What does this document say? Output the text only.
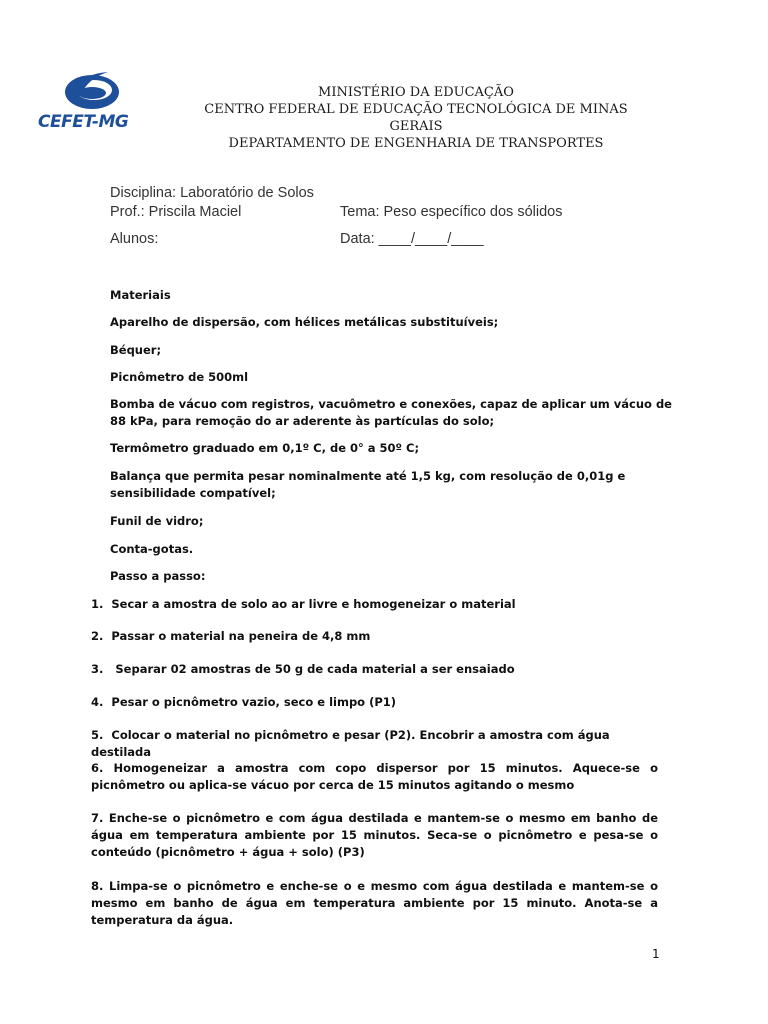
CEFET-MG
MINISTÉRIO DA EDUCAÇÃO
CENTRO FEDERAL DE EDUCAÇÃO TECNOLÓGICA DE MINAS
GERAIS
DEPARTAMENTO DE ENGENHARIA DE TRANSPORTES
Disciplina: Laboratório de Solos
Prof.: Priscila Maciel	Tema: Peso específico dos sólidos
Alunos:	Data: ____/____/____
Materiais
Aparelho de dispersão, com hélices metálicas substituíveis;
Béquer;
Picnômetro de 500ml
Bomba de vácuo com registros, vacuômetro e conexões, capaz de aplicar um vácuo de 88 kPa, para remoção do ar aderente às partículas do solo;
Termômetro graduado em 0,1º C, de 0° a 50º C;
Balança que permita pesar nominalmente até 1,5 kg, com resolução de 0,01g e sensibilidade compatível;
Funil de vidro;
Conta-gotas.
Passo a passo:
1. Secar a amostra de solo ao ar livre e homogeneizar o material
2. Passar o material na peneira de 4,8 mm
3. Separar 02 amostras de 50 g de cada material a ser ensaiado
4. Pesar o picnômetro vazio, seco e limpo (P1)
5. Colocar o material no picnômetro e pesar (P2). Encobrir a amostra com água destilada
6. Homogeneizar a amostra com copo dispersor por 15 minutos. Aquece-se o picnômetro ou aplica-se vácuo por cerca de 15 minutos agitando o mesmo
7. Enche-se o picnômetro e com água destilada e mantem-se o mesmo em banho de água em temperatura ambiente por 15 minutos. Seca-se o picnômetro e pesa-se o conteúdo (picnômetro + água + solo) (P3)
8. Limpa-se o picnômetro e enche-se o e mesmo com água destilada e mantem-se o mesmo em banho de água em temperatura ambiente por 15 minuto. Anota-se a temperatura da água.
1
